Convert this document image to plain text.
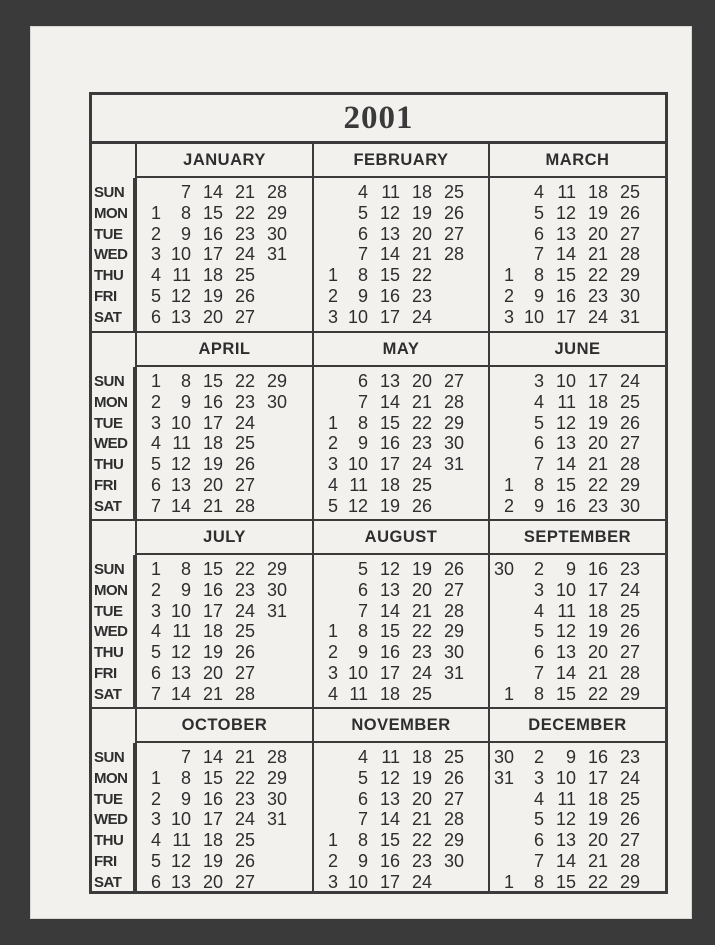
2001
SUN
MON
TUE
WED
THU
FRI
SAT
JANUARY
1
2
3
4
5
6
7
8
9
10
11
12
13
14
15
16
17
18
19
20
21
22
23
24
25
26
27
28
29
30
31
FEBRUARY
1
2
3
4
5
6
7
8
9
10
11
12
13
14
15
16
17
18
19
20
21
22
23
24
25
26
27
28
MARCH
1
2
3
4
5
6
7
8
9
10
11
12
13
14
15
16
17
18
19
20
21
22
23
24
25
26
27
28
29
30
31
SUN
MON
TUE
WED
THU
FRI
SAT
APRIL
1
2
3
4
5
6
7
8
9
10
11
12
13
14
15
16
17
18
19
20
21
22
23
24
25
26
27
28
29
30
MAY
1
2
3
4
5
6
7
8
9
10
11
12
13
14
15
16
17
18
19
20
21
22
23
24
25
26
27
28
29
30
31
JUNE
1
2
3
4
5
6
7
8
9
10
11
12
13
14
15
16
17
18
19
20
21
22
23
24
25
26
27
28
29
30
SUN
MON
TUE
WED
THU
FRI
SAT
JULY
1
2
3
4
5
6
7
8
9
10
11
12
13
14
15
16
17
18
19
20
21
22
23
24
25
26
27
28
29
30
31
AUGUST
1
2
3
4
5
6
7
8
9
10
11
12
13
14
15
16
17
18
19
20
21
22
23
24
25
26
27
28
29
30
31
SEPTEMBER
30
1
2
3
4
5
6
7
8
9
10
11
12
13
14
15
16
17
18
19
20
21
22
23
24
25
26
27
28
29
SUN
MON
TUE
WED
THU
FRI
SAT
OCTOBER
1
2
3
4
5
6
7
8
9
10
11
12
13
14
15
16
17
18
19
20
21
22
23
24
25
26
27
28
29
30
31
NOVEMBER
1
2
3
4
5
6
7
8
9
10
11
12
13
14
15
16
17
18
19
20
21
22
23
24
25
26
27
28
29
30
DECEMBER
30
31
1
2
3
4
5
6
7
8
9
10
11
12
13
14
15
16
17
18
19
20
21
22
23
24
25
26
27
28
29
